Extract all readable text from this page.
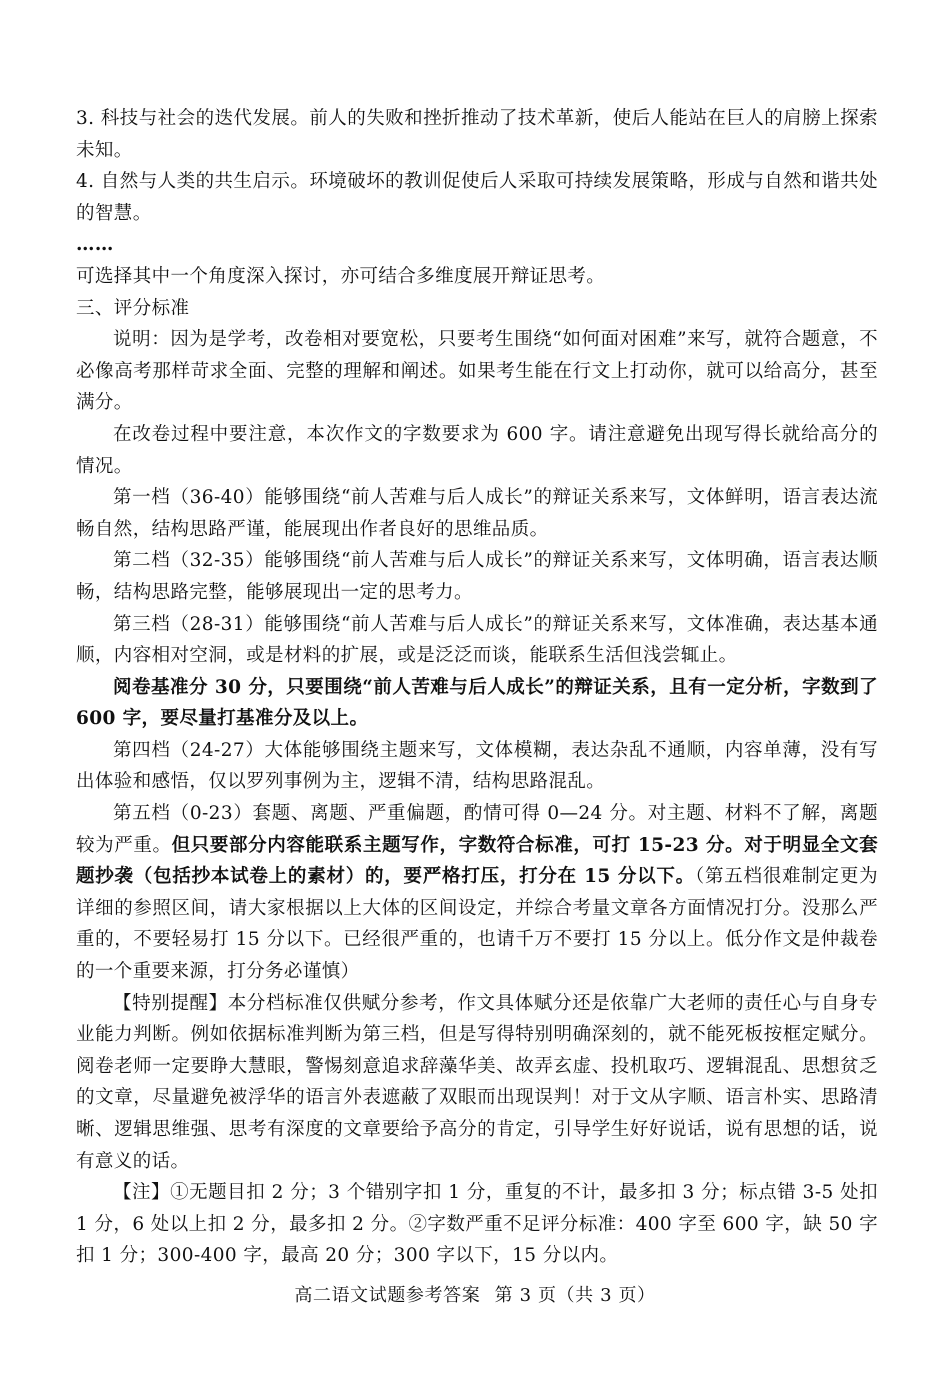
3. 科技与社会的迭代发展。前人的失败和挫折推动了技术革新，使后人能站在巨人的肩膀上探索未知。

4. 自然与人类的共生启示。环境破坏的教训促使后人采取可持续发展策略，形成与自然和谐共处的智慧。

……

可选择其中一个角度深入探讨，亦可结合多维度展开辩证思考。

三、评分标准

说明：因为是学考，改卷相对要宽松，只要考生围绕“如何面对困难”来写，就符合题意，不必像高考那样苛求全面、完整的理解和阐述。如果考生能在行文上打动你，就可以给高分，甚至满分。

在改卷过程中要注意，本次作文的字数要求为 600 字。请注意避免出现写得长就给高分的情况。

第一档（36-40）能够围绕“前人苦难与后人成长”的辩证关系来写，文体鲜明，语言表达流畅自然，结构思路严谨，能展现出作者良好的思维品质。

第二档（32-35）能够围绕“前人苦难与后人成长”的辩证关系来写，文体明确，语言表达顺畅，结构思路完整，能够展现出一定的思考力。

第三档（28-31）能够围绕“前人苦难与后人成长”的辩证关系来写，文体准确，表达基本通顺，内容相对空洞，或是材料的扩展，或是泛泛而谈，能联系生活但浅尝辄止。

阅卷基准分 30 分，只要围绕“前人苦难与后人成长”的辩证关系，且有一定分析，字数到了 600 字，要尽量打基准分及以上。

第四档（24-27）大体能够围绕主题来写，文体模糊，表达杂乱不通顺，内容单薄，没有写出体验和感悟，仅以罗列事例为主，逻辑不清，结构思路混乱。

第五档（0-23）套题、离题、严重偏题，酌情可得 0—24 分。对主题、材料不了解，离题较为严重。但只要部分内容能联系主题写作，字数符合标准，可打 15-23 分。对于明显全文套题抄袭（包括抄本试卷上的素材）的，要严格打压，打分在 15 分以下。（第五档很难制定更为详细的参照区间，请大家根据以上大体的区间设定，并综合考量文章各方面情况打分。没那么严重的，不要轻易打 15 分以下。已经很严重的，也请千万不要打 15 分以上。低分作文是仲裁卷的一个重要来源，打分务必谨慎）

【特别提醒】本分档标准仅供赋分参考，作文具体赋分还是依靠广大老师的责任心与自身专业能力判断。例如依据标准判断为第三档，但是写得特别明确深刻的，就不能死板按框定赋分。阅卷老师一定要睁大慧眼，警惕刻意追求辞藻华美、故弄玄虚、投机取巧、逻辑混乱、思想贫乏的文章，尽量避免被浮华的语言外表遮蔽了双眼而出现误判！对于文从字顺、语言朴实、思路清晰、逻辑思维强、思考有深度的文章要给予高分的肯定，引导学生好好说话，说有思想的话，说有意义的话。

【注】①无题目扣 2 分；3 个错别字扣 1 分，重复的不计，最多扣 3 分；标点错 3-5 处扣 1 分，6 处以上扣 2 分，最多扣 2 分。②字数严重不足评分标准：400 字至 600 字，缺 50 字扣 1 分；300-400 字，最高 20 分；300 字以下，15 分以内。

高二语文试题参考答案 第 3 页（共 3 页）
